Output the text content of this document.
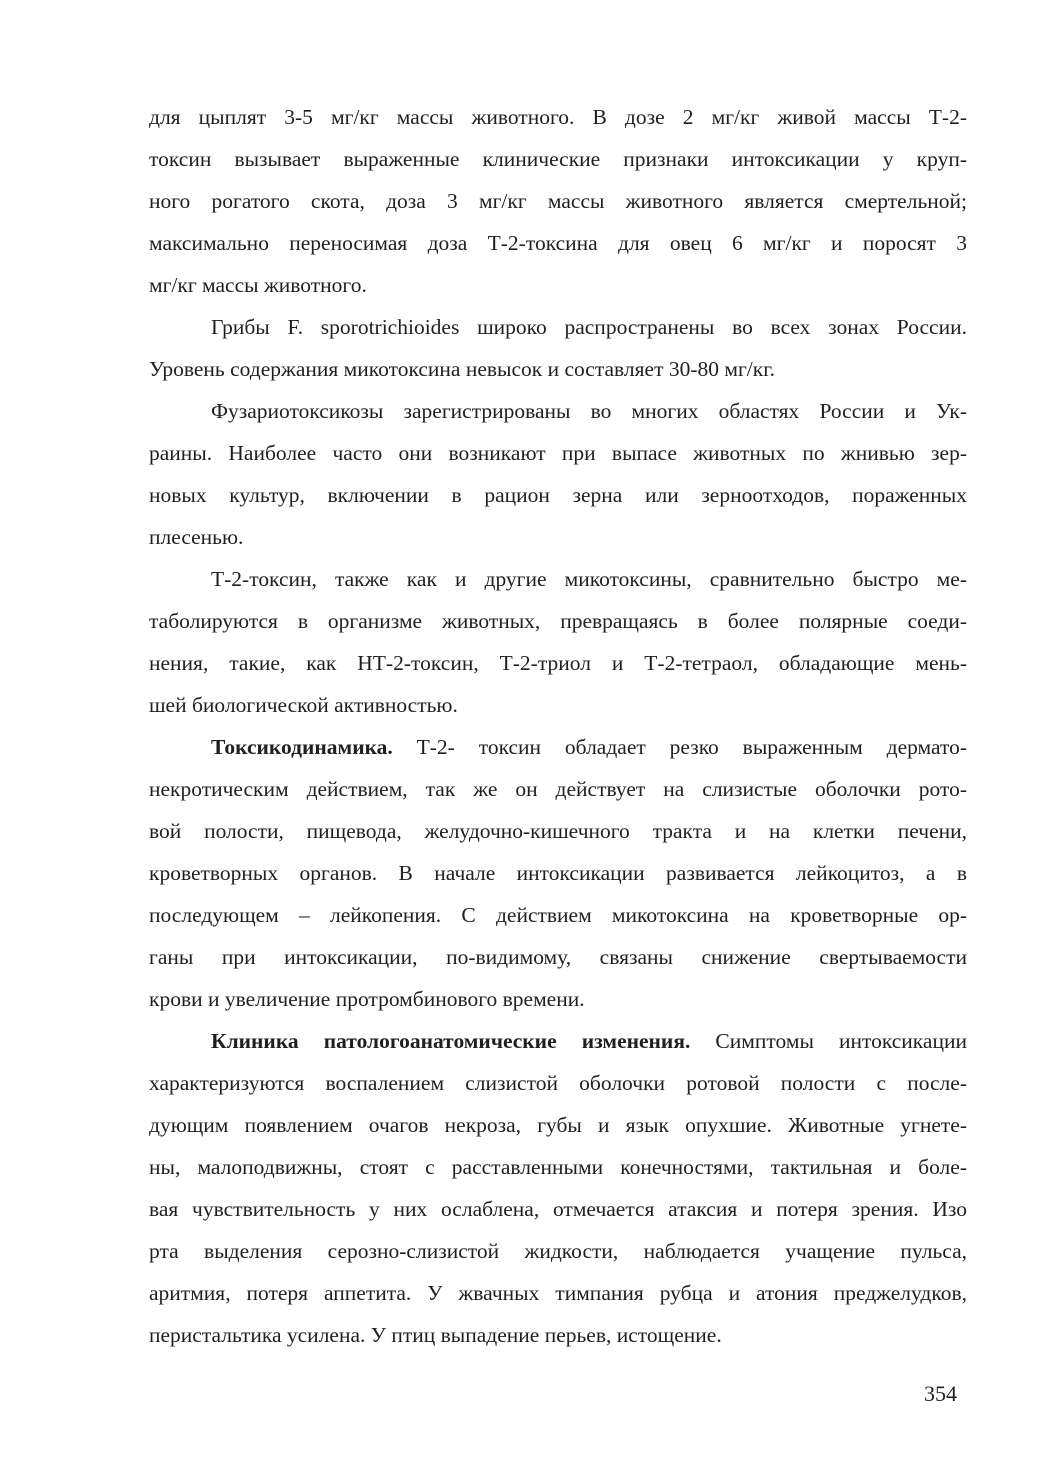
для цыплят 3-5 мг/кг массы животного. В дозе 2 мг/кг живой массы Т-2-
токсин вызывает выраженные клинические признаки интоксикации у круп-
ного рогатого скота, доза 3 мг/кг массы животного является смертельной;
максимально переносимая доза Т-2-токсина для овец 6 мг/кг и поросят 3
мг/кг массы животного.
Грибы F. sporotrichioides широко распространены во всех зонах России.
Уровень содержания микотоксина невысок и составляет 30-80 мг/кг.
Фузариотоксикозы зарегистрированы во многих областях России и Ук-
раины. Наиболее часто они возникают при выпасе животных по жнивью зер-
новых культур, включении в рацион зерна или зерноотходов, пораженных
плесенью.
Т-2-токсин, также как и другие микотоксины, сравнительно быстро ме-
таболируются в организме животных, превращаясь в более полярные соеди-
нения, такие, как НТ-2-токсин, Т-2-триол и Т-2-тетраол, обладающие мень-
шей биологической активностью.
Токсикодинамика. Т-2- токсин обладает резко выраженным дермато-
некротическим действием, так же он действует на слизистые оболочки рото-
вой полости, пищевода, желудочно-кишечного тракта и на клетки печени,
кроветворных органов. В начале интоксикации развивается лейкоцитоз, а в
последующем – лейкопения. С действием микотоксина на кроветворные ор-
ганы при интоксикации, по-видимому, связаны снижение свертываемости
крови и увеличение протромбинового времени.
Клиника патологоанатомические изменения. Симптомы интоксикации
характеризуются воспалением слизистой оболочки ротовой полости с после-
дующим появлением очагов некроза, губы и язык опухшие. Животные угнете-
ны, малоподвижны, стоят с расставленными конечностями, тактильная и боле-
вая чувствительность у них ослаблена, отмечается атаксия и потеря зрения. Изо
рта выделения серозно-слизистой жидкости, наблюдается учащение пульса,
аритмия, потеря аппетита. У жвачных тимпания рубца и атония преджелудков,
перистальтика усилена. У птиц выпадение перьев, истощение.
354
